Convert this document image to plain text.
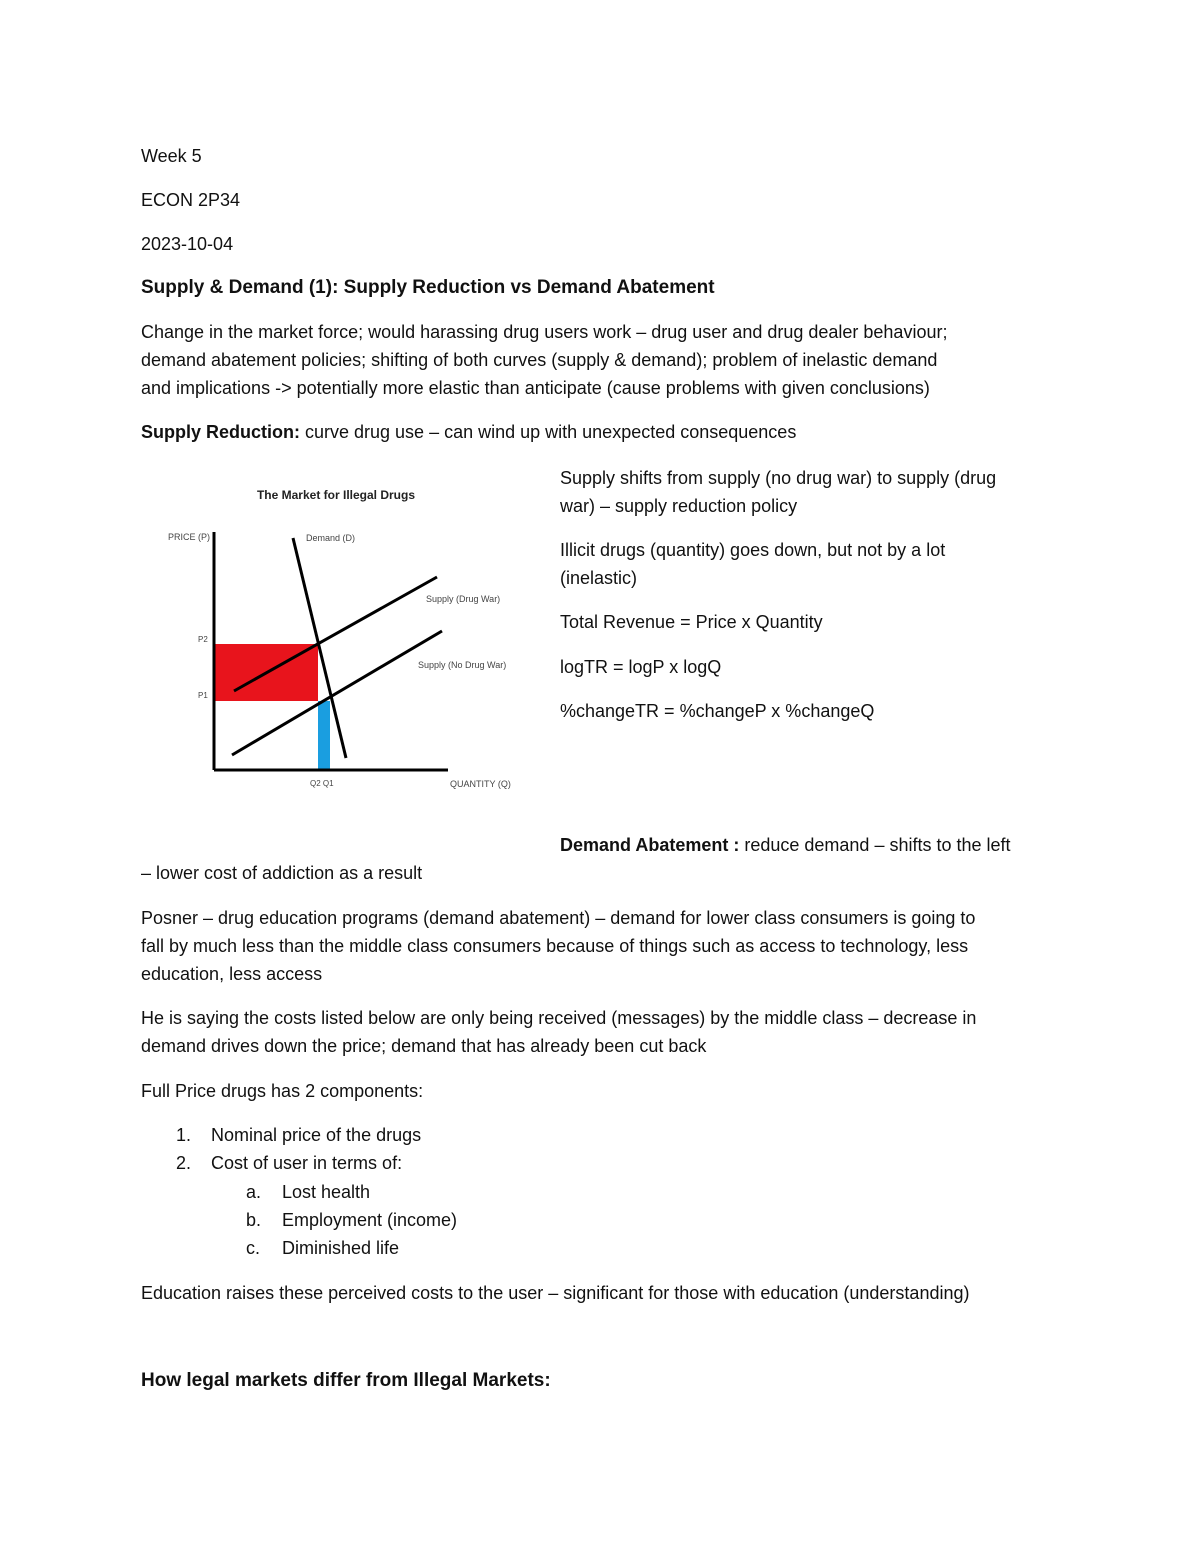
Week 5
ECON 2P34
2023-10-04
Supply & Demand (1): Supply Reduction vs Demand Abatement
Change in the market force; would harassing drug users work – drug user and drug dealer behaviour;
demand abatement policies; shifting of both curves (supply & demand); problem of inelastic demand
and implications -> potentially more elastic than anticipate (cause problems with given conclusions)
Supply Reduction: curve drug use – can wind up with unexpected consequences
The Market for Illegal Drugs
PRICE (P)	Demand (D)
Supply (Drug War)
Supply (No Drug War)
P2
P1
Q2 Q1	QUANTITY (Q)
Supply shifts from supply (no drug war) to supply (drug
war) – supply reduction policy
Illicit drugs (quantity) goes down, but not by a lot
(inelastic)
Total Revenue = Price x Quantity
logTR = logP x logQ
%changeTR = %changeP x %changeQ
Demand Abatement : reduce demand – shifts to the left
– lower cost of addiction as a result
Posner – drug education programs (demand abatement) – demand for lower class consumers is going to
fall by much less than the middle class consumers because of things such as access to technology, less
education, less access
He is saying the costs listed below are only being received (messages) by the middle class – decrease in
demand drives down the price; demand that has already been cut back
Full Price drugs has 2 components:
1. Nominal price of the drugs
2. Cost of user in terms of:
a. Lost health
b. Employment (income)
c. Diminished life
Education raises these perceived costs to the user – significant for those with education (understanding)
How legal markets differ from Illegal Markets:
